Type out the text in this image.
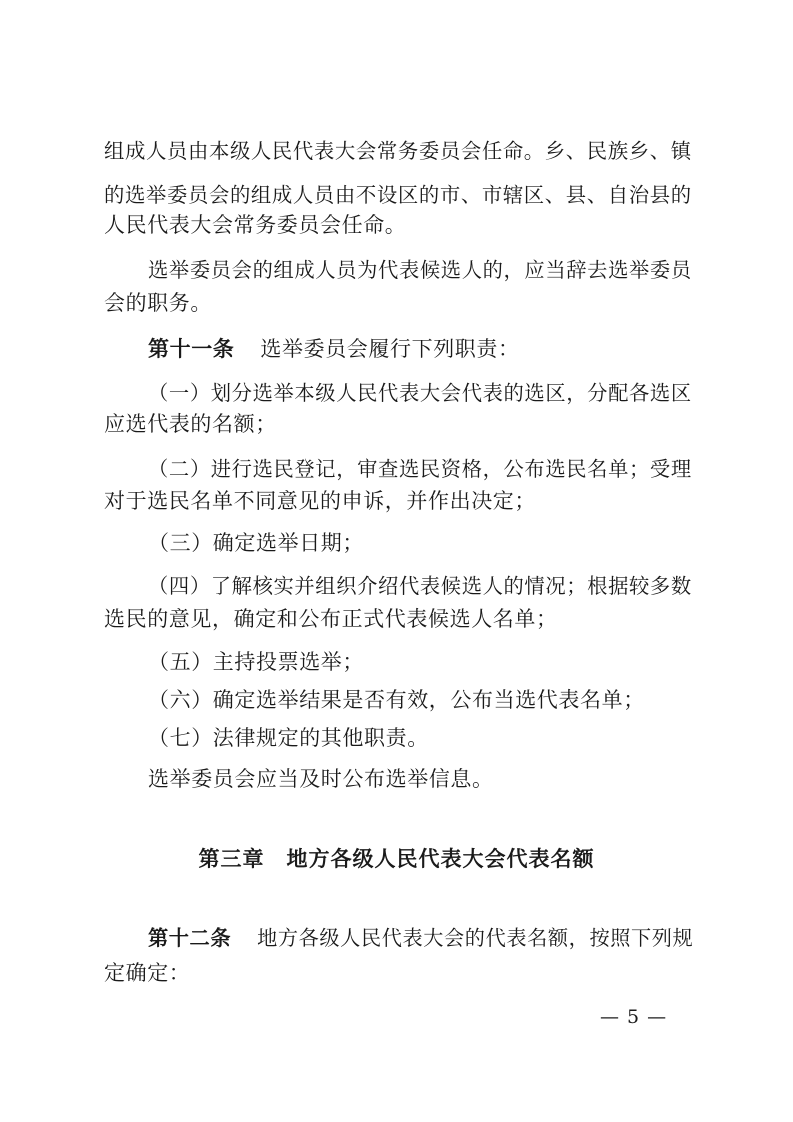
组成人员由本级人民代表大会常务委员会任命。乡、民族乡、镇
的选举委员会的组成人员由不设区的市、市辖区、县、自治县的
人民代表大会常务委员会任命。
选举委员会的组成人员为代表候选人的，应当辞去选举委员
会的职务。
第十一条 选举委员会履行下列职责：
（一）划分选举本级人民代表大会代表的选区，分配各选区
应选代表的名额；
（二）进行选民登记，审查选民资格，公布选民名单；受理
对于选民名单不同意见的申诉，并作出决定；
（三）确定选举日期；
（四）了解核实并组织介绍代表候选人的情况；根据较多数
选民的意见，确定和公布正式代表候选人名单；
（五）主持投票选举；
（六）确定选举结果是否有效，公布当选代表名单；
（七）法律规定的其他职责。
选举委员会应当及时公布选举信息。
第三章　地方各级人民代表大会代表名额
第十二条 地方各级人民代表大会的代表名额，按照下列规
定确定：
— 5 —
